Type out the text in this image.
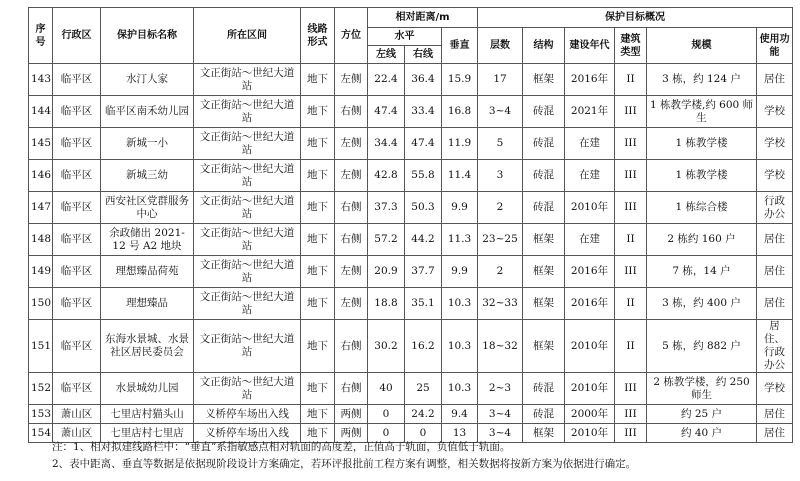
序号	行政区	保护目标名称	所在区间	线路形式	方位	相对距离/m			保护目标概况					
						水平		垂直	层数	结构	建设年代	建筑类型	规模	使用功能
						左线	右线							
143	临平区	水汀人家	文正街站～世纪大道站	地下	左侧	22.4	36.4	15.9	17	框架	2016年	II	3 栋，约 124 户	居住
144	临平区	临平区南禾幼儿园	文正街站～世纪大道站	地下	右侧	47.4	33.4	16.8	3~4	砖混	2021年	III	1 栋教学楼,约 600 师生	学校
145	临平区	新城一小	文正街站～世纪大道站	地下	左侧	34.4	47.4	11.9	5	砖混	在建	III	1 栋教学楼	学校
146	临平区	新城三幼	文正街站～世纪大道站	地下	左侧	42.8	55.8	11.4	3	砖混	在建	III	1 栋教学楼	学校
147	临平区	西安社区党群服务中心	文正街站～世纪大道站	地下	右侧	37.3	50.3	9.9	2	砖混	2010年	III	1 栋综合楼	行政办公
148	临平区	余政储出 2021-12 号 A2 地块	文正街站～世纪大道站	地下	右侧	57.2	44.2	11.3	23~25	框架	在建	II	2 栋约 160 户	居住
149	临平区	理想臻品荷苑	文正街站～世纪大道站	地下	左侧	20.9	37.7	9.9	2	框架	2016年	III	7 栋，14 户	居住
150	临平区	理想臻品	文正街站～世纪大道站	地下	左侧	18.8	35.1	10.3	32~33	框架	2016年	II	3 栋，约 400 户	居住
151	临平区	东海水景城、水景社区居民委员会	文正街站～世纪大道站	地下	右侧	30.2	16.2	10.3	18~32	框架	2010年	II	5 栋，约 882 户	居住、行政办公
152	临平区	水景城幼儿园	文正街站～世纪大道站	地下	右侧	40	25	10.3	2~3	砖混	2010年	III	2 栋教学楼，约 250 师生	学校
153	萧山区	七里店村猫头山	义桥停车场出入线	地下	两侧	0	24.2	9.4	3~4	砖混	2000年	III	约 25 户	居住
154	萧山区	七里店村七里店	义桥停车场出入线	地下	两侧	0	0	13	3~4	框架	2010年	III	约 40 户	居住

注：1、相对拟建线路栏中：“垂直”系指敏感点相对轨面的高度差，正值高于轨面，负值低于轨面。

2、表中距离、垂直等数据是依据现阶段设计方案确定，若环评报批前工程方案有调整，相关数据将按新方案为依据进行确定。
